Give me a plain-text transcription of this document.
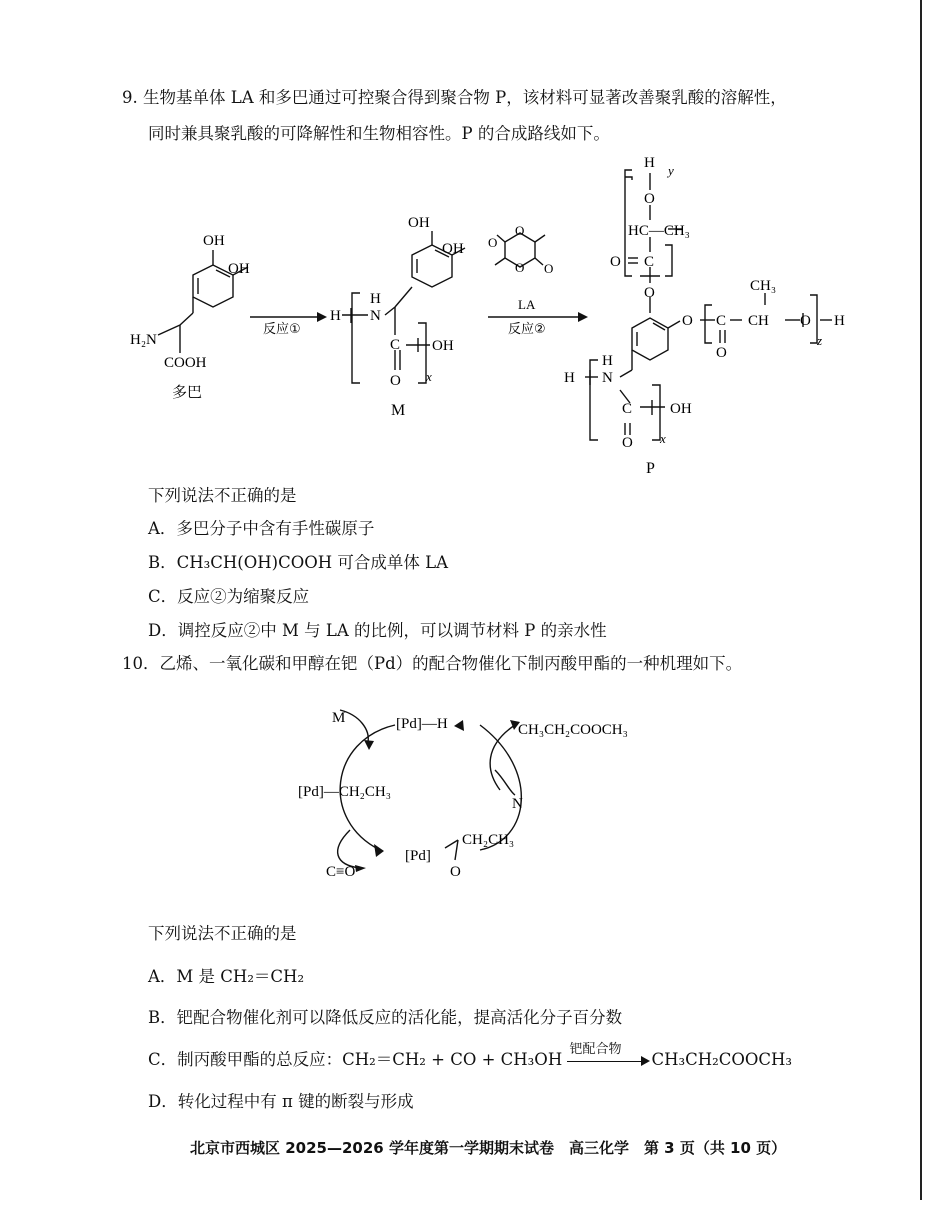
9. 生物基单体 LA 和多巴通过可控聚合得到聚合物 P，该材料可显著改善聚乳酸的溶解性，
同时兼具聚乳酸的可降解性和生物相容性。P 的合成路线如下。
OH
OH
H₂N
COOH
多巴
反应①
H
H
N
OH
OH
C
O
OH
x
M
O
O
O O
LA
反应②
H y
O
HC—CH₃
O C
O
O C
O
CH
CH₃
O H
z
H
H
N
C
O
OH
x
P
下列说法不正确的是
A．多巴分子中含有手性碳原子
B．CH₃CH(OH)COOH 可合成单体 LA
C．反应②为缩聚反应
D．调控反应②中 M 与 LA 的比例，可以调节材料 P 的亲水性
10．乙烯、一氧化碳和甲醇在钯（Pd）的配合物催化下制丙酸甲酯的一种机理如下。
M	[Pd]—H	CH₃CH₂COOCH₃
N
[Pd]—CH₂CH₃
[Pd]
CH₂CH₃
O
C≡O
下列说法不正确的是
A．M 是 CH₂＝CH₂
B．钯配合物催化剂可以降低反应的活化能，提高活化分子百分数
C．制丙酸甲酯的总反应：CH₂＝CH₂ + CO + CH₃OH
钯配合物
CH₃CH₂COOCH₃
D．转化过程中有 π 键的断裂与形成
北京市西城区 2025—2026 学年度第一学期期末试卷　高三化学　第 3 页（共 10 页）
